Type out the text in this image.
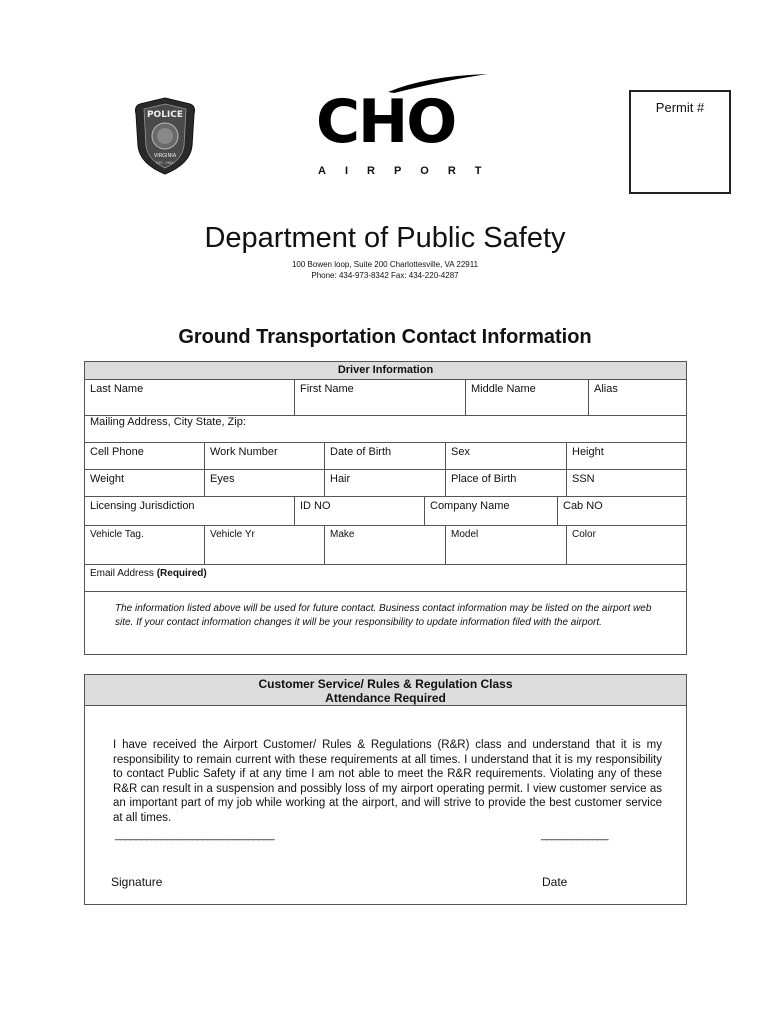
POLICE
VIRGINIA
EST. 1984
CHO
AIRPORT
Permit #
Department of Public Safety
100 Bowen loop, Suite 200 Charlottesville, VA 22911
Phone: 434-973-8342 Fax: 434-220-4287
Ground Transportation Contact Information
Driver Information
Last Name	First Name	Middle Name	Alias
Mailing Address, City State, Zip:
Cell Phone	Work Number	Date of Birth	Sex	Height
Weight	Eyes	Hair	Place of Birth	SSN
Licensing Jurisdiction	ID NO	Company Name	Cab NO
Vehicle Tag.	Vehicle Yr	Make	Model	Color
Email Address (Required)
The information listed above will be used for future contact. Business contact information may be listed on the airport web site. If your contact information changes it will be your responsibility to update information filed with the airport.
Customer Service/ Rules & Regulation Class
Attendance Required
I have received the Airport Customer/ Rules & Regulations (R&R) class and understand that it is my responsibility to remain current with these requirements at all times. I understand that it is my responsibility to contact Public Safety if at any time I am not able to meet the R&R requirements. Violating any of these R&R can result in a suspension and possibly loss of my airport operating permit. I view customer service as an important part of my job while working at the airport, and will strive to provide the best customer service at all times.
_______________________________
Signature
_____________
Date
